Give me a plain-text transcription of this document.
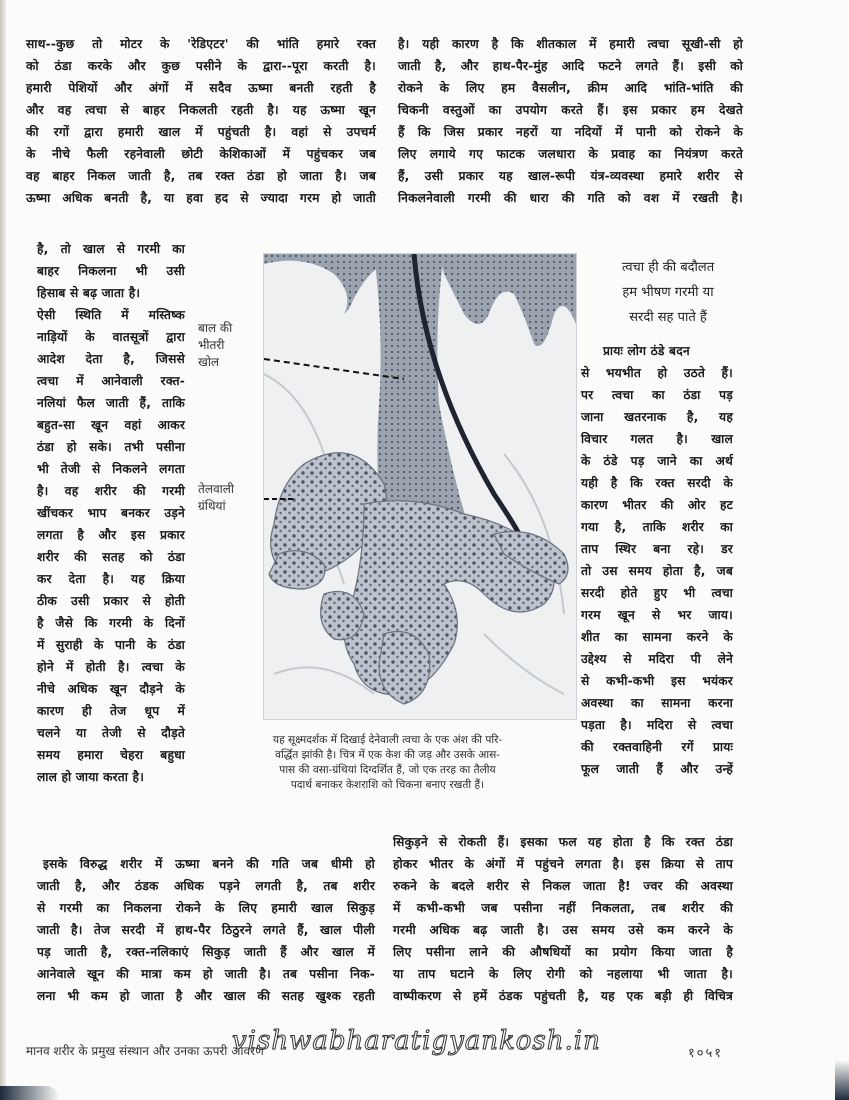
साथ--कुछ तो मोटर के 'रेडिएटर' की भांति हमारे रक्त
को ठंडा करके और कुछ पसीने के द्वारा--पूरा करती है।
हमारी पेशियों और अंगों में सदैव ऊष्मा बनती रहती है
और वह त्वचा से बाहर निकलती रहती है। यह ऊष्मा खून
की रगों द्वारा हमारी खाल में पहुंचती है। वहां से उपचर्म
के नीचे फैली रहनेवाली छोटी केशिकाओं में पहुंचकर जब
वह बाहर निकल जाती है, तब रक्त ठंडा हो जाता है। जब
ऊष्मा अधिक बनती है, या हवा हद से ज्यादा गरम हो जाती
है। यही कारण है कि शीतकाल में हमारी त्वचा सूखी-सी हो
जाती है, और हाथ-पैर-मुंह आदि फटने लगते हैं। इसी को
रोकने के लिए हम वैसलीन, क्रीम आदि भांति-भांति की
चिकनी वस्तुओं का उपयोग करते हैं। इस प्रकार हम देखते
हैं कि जिस प्रकार नहरों या नदियों में पानी को रोकने के
लिए लगाये गए फाटक जलधारा के प्रवाह का नियंत्रण करते
हैं, उसी प्रकार यह खाल-रूपी यंत्र-व्यवस्था हमारे शरीर से
निकलनेवाली गरमी की धारा की गति को वश में रखती है।
है, तो खाल से गरमी का
बाहर निकलना भी उसी
हिसाब से बढ़ जाता है।
ऐसी स्थिति में मस्तिष्क
नाड़ियों के वातसूत्रों द्वारा
आदेश देता है, जिससे
त्वचा में आनेवाली रक्त-
नलियां फैल जाती हैं, ताकि
बहुत-सा खून वहां आकर
ठंडा हो सके। तभी पसीना
भी तेजी से निकलने लगता
है। वह शरीर की गरमी
खींचकर भाप बनकर उड़ने
लगता है और इस प्रकार
शरीर की सतह को ठंडा
कर देता है। यह क्रिया
ठीक उसी प्रकार से होती
है जैसे कि गरमी के दिनों
में सुराही के पानी के ठंडा
होने में होती है। त्वचा के
नीचे अधिक खून दौड़ने के
कारण ही तेज धूप में
चलने या तेजी से दौड़ते
समय हमारा चेहरा बहुधा
लाल हो जाया करता है।
बाल की
भीतरी
खोल
तेलवाली
ग्रंथियां
त्वचा ही की बदौलत
हम भीषण गरमी या
सरदी सह पाते हैं
प्रायः लोग ठंडे बदन
से भयभीत हो उठते हैं।
पर त्वचा का ठंडा पड़
जाना खतरनाक है, यह
विचार गलत है। खाल
के ठंडे पड़ जाने का अर्थ
यही है कि रक्त सरदी के
कारण भीतर की ओर हट
गया है, ताकि शरीर का
ताप स्थिर बना रहे। डर
तो उस समय होता है, जब
सरदी होते हुए भी त्वचा
गरम खून से भर जाय।
शीत का सामना करने के
उद्देश्य से मदिरा पी लेने
से कभी-कभी इस भयंकर
अवस्था का सामना करना
पड़ता है। मदिरा से त्वचा
की रक्तवाहिनी रगें प्रायः
फूल जाती हैं और उन्हें
यह सूक्ष्मदर्शक में दिखाई देनेवाली त्वचा के एक अंश की परि-
वर्द्धित झांकी है। चित्र में एक केश की जड़ और उसके आस-
पास की वसा-ग्रंथियां दिग्दर्शित हैं, जो एक तरह का तैलीय
पदार्थ बनाकर केशराशि को चिकना बनाए रखती हैं।
इसके विरुद्ध शरीर में ऊष्मा बनने की गति जब धीमी हो
जाती है, और ठंडक अधिक पड़ने लगती है, तब शरीर
से गरमी का निकलना रोकने के लिए हमारी खाल सिकुड़
जाती है। तेज सरदी में हाथ-पैर ठिठुरने लगते हैं, खाल पीली
पड़ जाती है, रक्त-नलिकाएं सिकुड़ जाती हैं और खाल में
आनेवाले खून की मात्रा कम हो जाती है। तब पसीना निक-
लना भी कम हो जाता है और खाल की सतह खुश्क रहती
सिकुड़ने से रोकती हैं। इसका फल यह होता है कि रक्त ठंडा
होकर भीतर के अंगों में पहुंचने लगता है। इस क्रिया से ताप
रुकने के बदले शरीर से निकल जाता है! ज्वर की अवस्था
में कभी-कभी जब पसीना नहीं निकलता, तब शरीर की
गरमी अधिक बढ़ जाती है। उस समय उसे कम करने के
लिए पसीना लाने की औषधियों का प्रयोग किया जाता है
या ताप घटाने के लिए रोगी को नहलाया भी जाता है।
वाष्पीकरण से हमें ठंडक पहुंचती है, यह एक बड़ी ही विचित्र
मानव शरीर के प्रमुख संस्थान और उनका ऊपरी आवरण
vishwabharatigyankosh.in	१०५१
